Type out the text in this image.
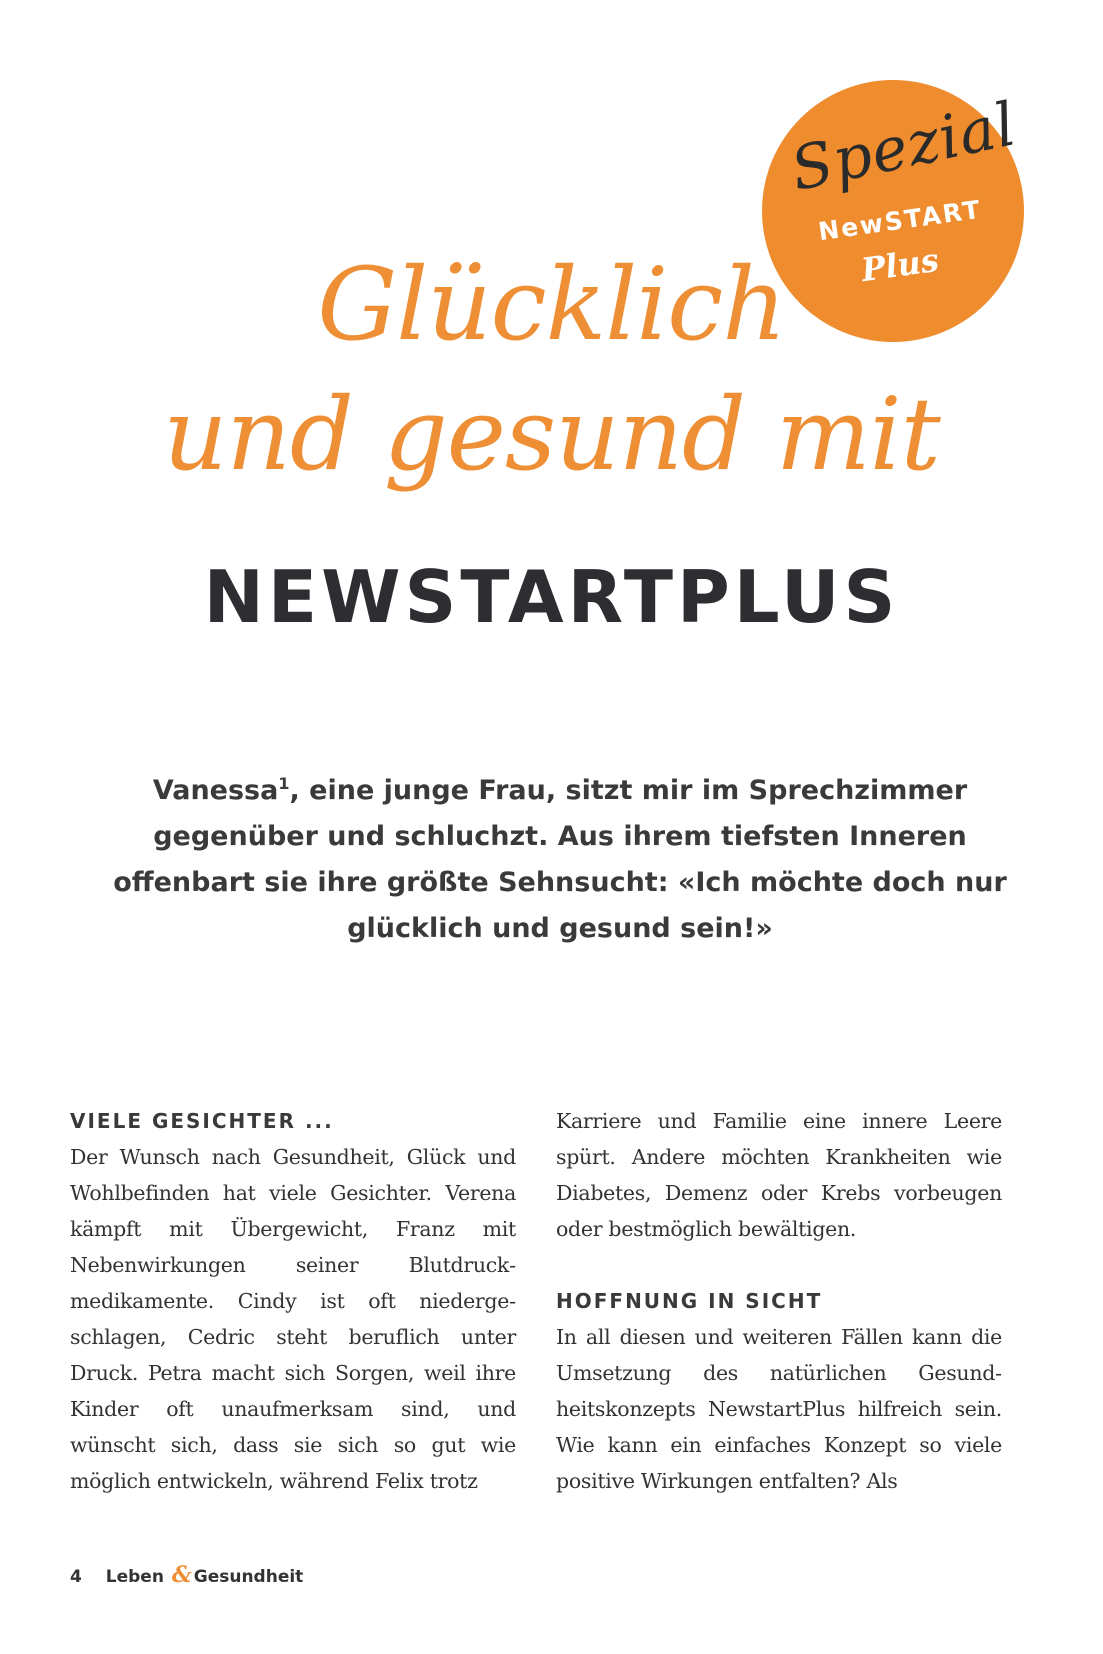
Spezial
NewSTART
Plus
Glücklich
und gesund mit
NEWSTARTPLUS
Vanessa$^1$, eine junge Frau, sitzt mir im Sprechzimmer gegenüber und schluchzt. Aus ihrem tiefsten Inneren offenbart sie ihre größte Sehnsucht: «Ich möchte doch nur glücklich und gesund sein!»
VIELE GESICHTER ...

Der Wunsch nach Gesundheit, Glück und Wohlbefinden hat viele Gesichter. Verena kämpft mit Übergewicht, Franz mit Nebenwirkungen seiner Blutdruckmedikamente. Cindy ist oft niedergeschlagen, Cedric steht beruflich unter Druck. Petra macht sich Sorgen, weil ihre Kinder oft unaufmerksam sind, und wünscht sich, dass sie sich so gut wie möglich entwickeln, während Felix trotz

Karriere und Familie eine innere Leere spürt. Andere möchten Krankheiten wie Diabetes, Demenz oder Krebs vorbeugen oder bestmöglich bewältigen.

HOFFNUNG IN SICHT

In all diesen und weiteren Fällen kann die Umsetzung des natürlichen Gesundheitskonzepts NewstartPlus hilfreich sein. Wie kann ein einfaches Konzept so viele positive Wirkungen entfalten? Als

4 Leben & Gesundheit
